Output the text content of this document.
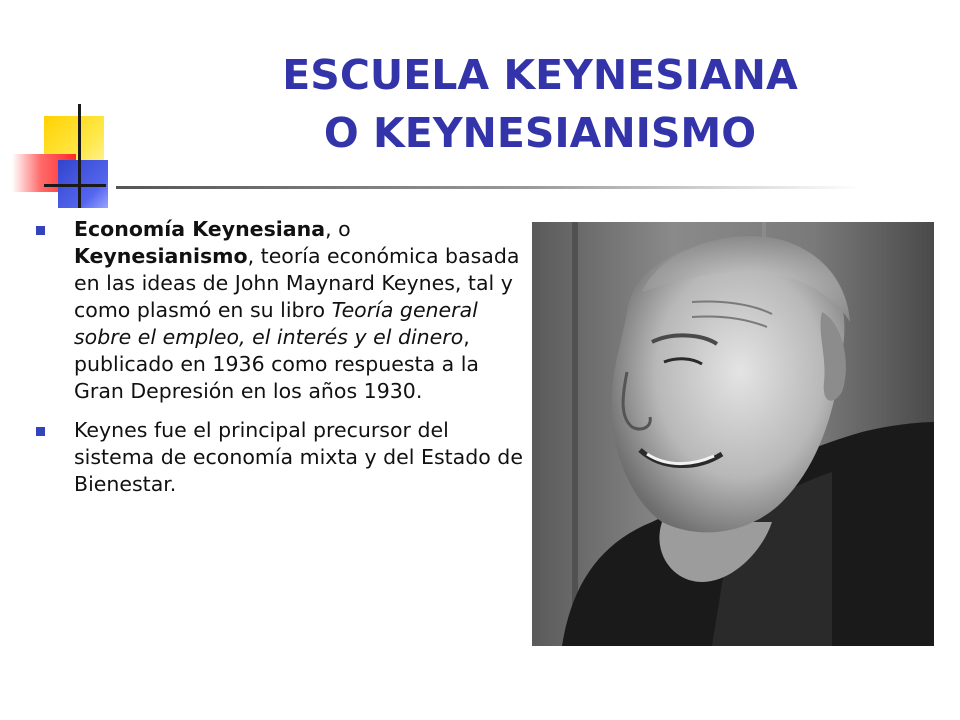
ESCUELA KEYNESIANA
O KEYNESIANISMO
Economía Keynesiana, o Keynesianismo, teoría económica basada en las ideas de John Maynard Keynes, tal y como plasmó en su libro Teoría general sobre el empleo, el interés y el dinero, publicado en 1936 como respuesta a la Gran Depresión en los años 1930.
Keynes fue el principal precursor del sistema de economía mixta y del Estado de Bienestar.
